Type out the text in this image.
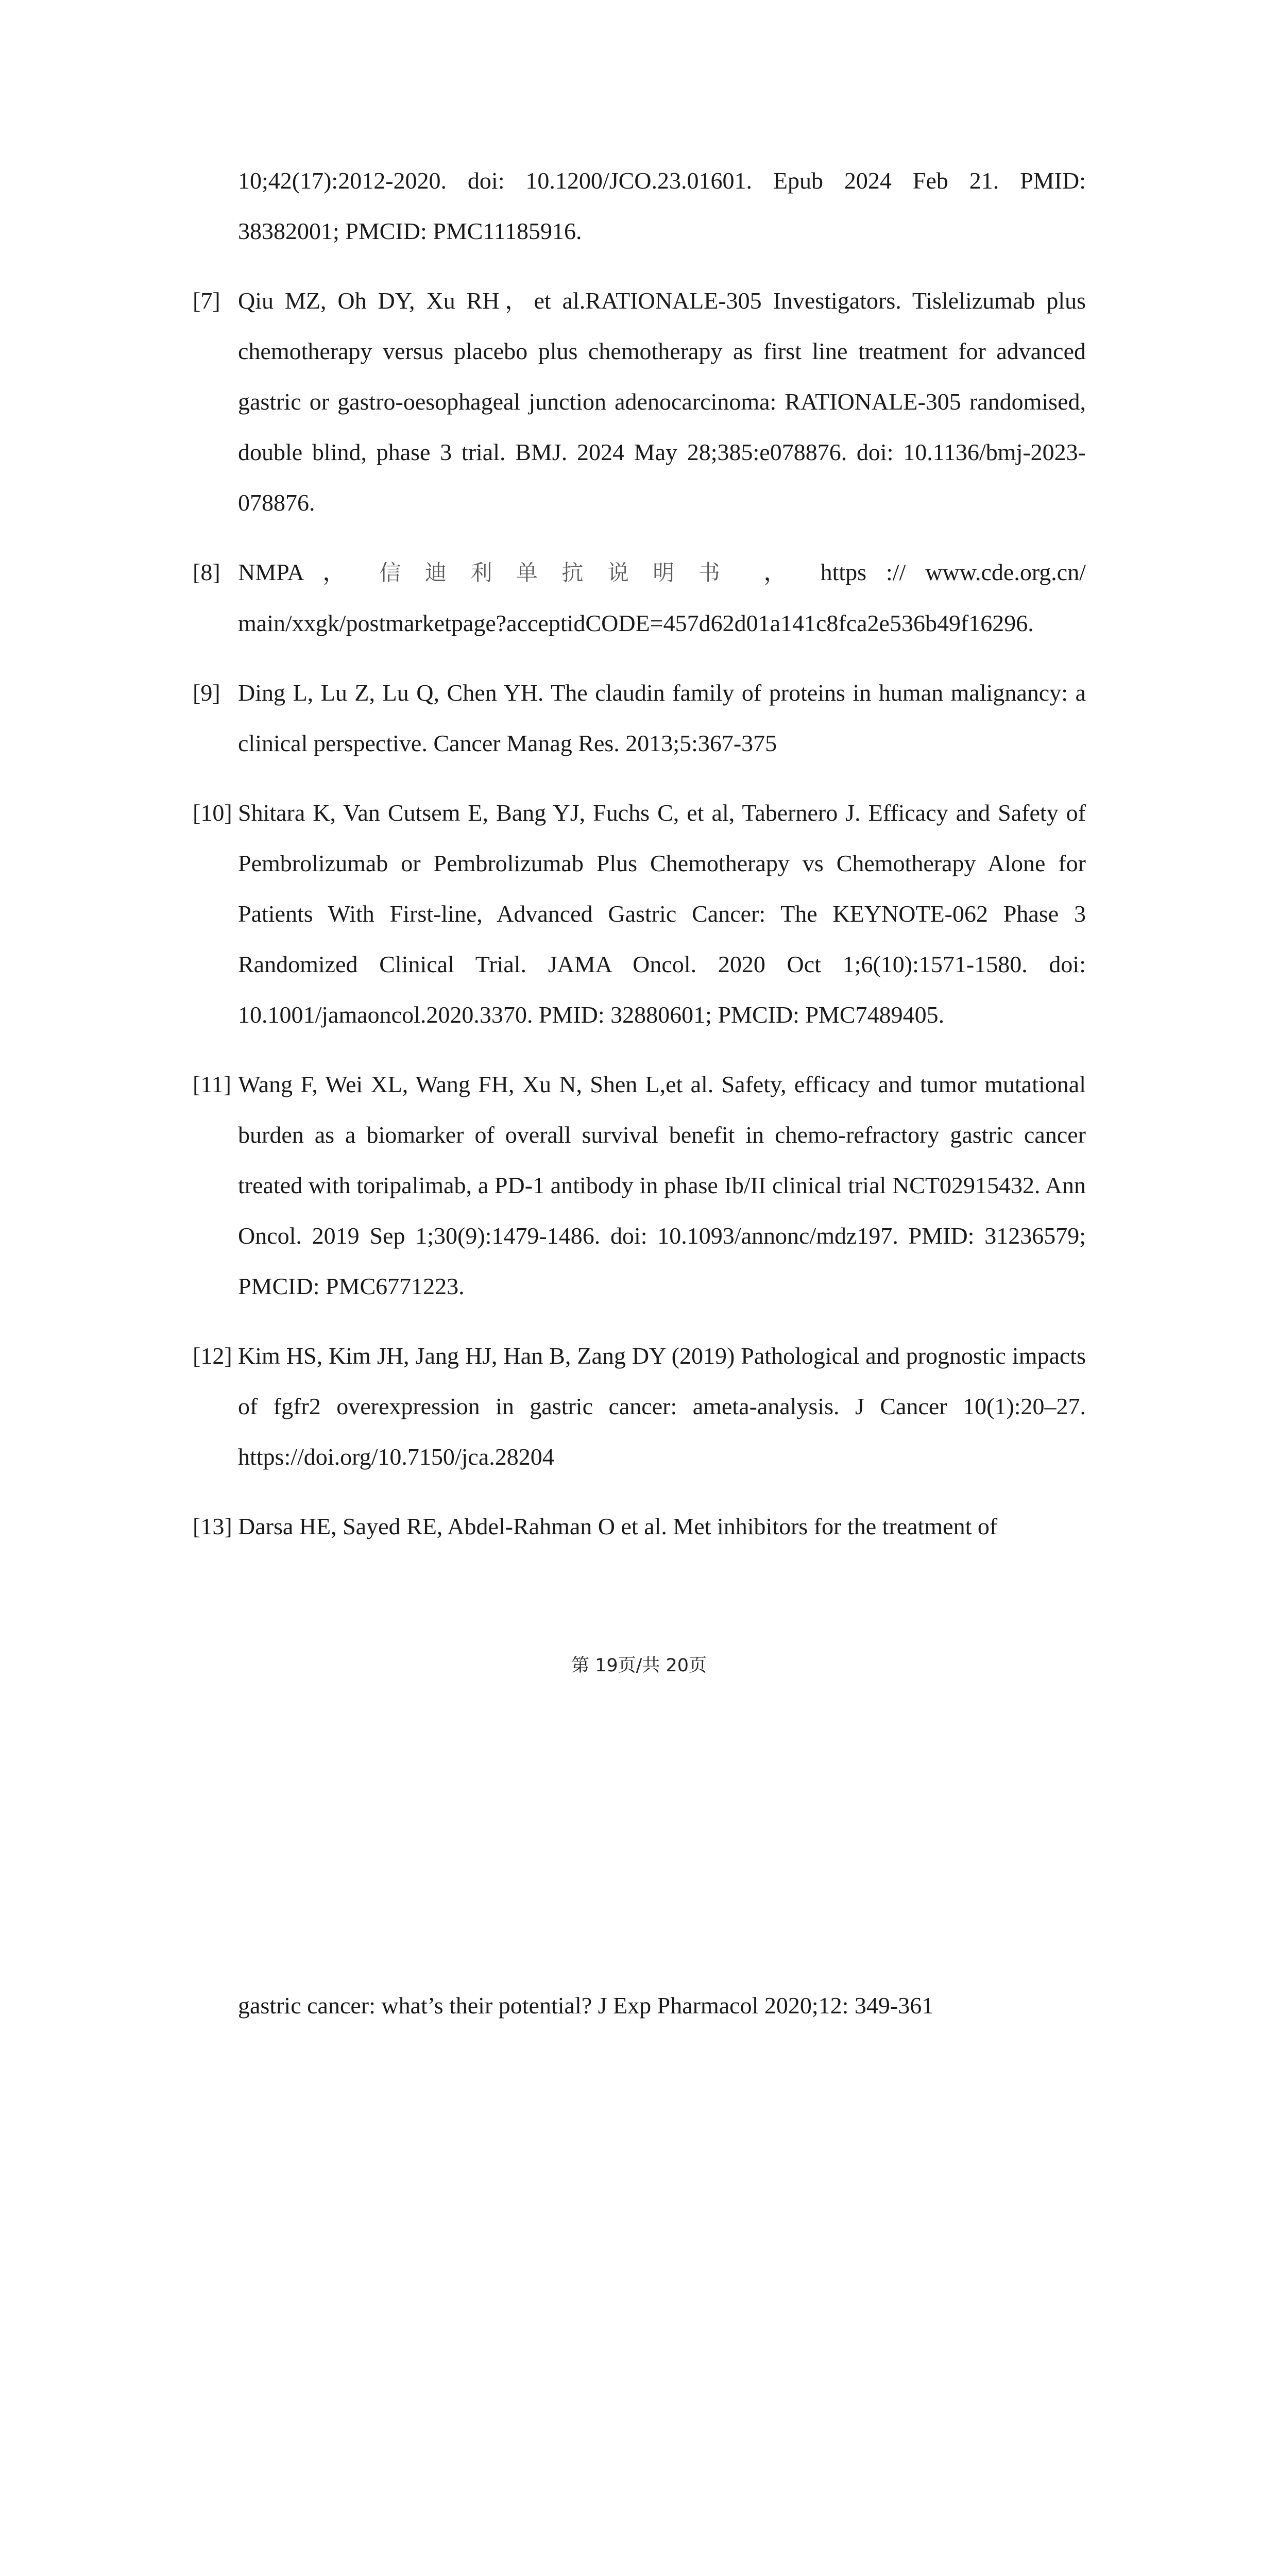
10;42(17):2012-2020. doi: 10.1200/JCO.23.01601. Epub 2024 Feb 21. PMID: 38382001; PMCID: PMC11185916.
[7] Qiu MZ, Oh DY, Xu RH，et al.RATIONALE-305 Investigators. Tislelizumab plus chemotherapy versus placebo plus chemotherapy as first line treatment for advanced gastric or gastro-oesophageal junction adenocarcinoma: RATIONALE-305 randomised, double blind, phase 3 trial. BMJ. 2024 May 28;385:e078876. doi: 10.1136/bmj-2023-078876.
[8] NMPA ， 信迪利单抗说明书 ， https :// www.cde.org.cn/ main/xxgk/postmarketpage?acceptidCODE=457d62d01a141c8fca2e536b49f16296.
[9] Ding L, Lu Z, Lu Q, Chen YH. The claudin family of proteins in human malignancy: a clinical perspective. Cancer Manag Res. 2013;5:367-375
[10] Shitara K, Van Cutsem E, Bang YJ, Fuchs C, et al, Tabernero J. Efficacy and Safety of Pembrolizumab or Pembrolizumab Plus Chemotherapy vs Chemotherapy Alone for Patients With First-line, Advanced Gastric Cancer: The KEYNOTE-062 Phase 3 Randomized Clinical Trial. JAMA Oncol. 2020 Oct 1;6(10):1571-1580. doi: 10.1001/jamaoncol.2020.3370. PMID: 32880601; PMCID: PMC7489405.
[11] Wang F, Wei XL, Wang FH, Xu N, Shen L,et al. Safety, efficacy and tumor mutational burden as a biomarker of overall survival benefit in chemo-refractory gastric cancer treated with toripalimab, a PD-1 antibody in phase Ib/II clinical trial NCT02915432. Ann Oncol. 2019 Sep 1;30(9):1479-1486. doi: 10.1093/annonc/mdz197. PMID: 31236579; PMCID: PMC6771223.
[12] Kim HS, Kim JH, Jang HJ, Han B, Zang DY (2019) Pathological and prognostic impacts of fgfr2 overexpression in gastric cancer: ameta-analysis. J Cancer 10(1):20–27. https://doi.org/10.7150/jca.28204
[13] Darsa HE, Sayed RE, Abdel-Rahman O et al. Met inhibitors for the treatment of
第 19页/共 20页
gastric cancer: what’s their potential? J Exp Pharmacol 2020;12: 349-361
